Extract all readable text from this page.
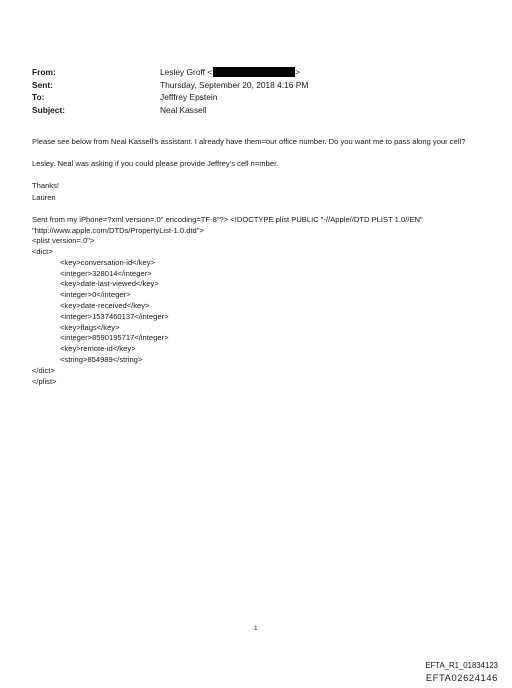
From:	Lesley Groff <	>
Sent:	Thursday, September 20, 2018 4:16 PM
To:	Jefffrey Epstein
Subject:	Neal Kassell

Please see below from Neal Kassell’s assistant. I already have them=our office number. Do you want me to pass along your cell?

Lesley. Neal was asking if you could please provide Jeffrey’s cell n=mber.

Thanks!

Lauren

Sent from my iPhone=?xml version=.0" encoding=TF-8"?> <!DOCTYPE plist PUBLIC "-//Apple//DTD PLIST 1.0//EN" "http://www.apple.com/DTDs/PropertyList-1.0.dtd">

<plist version=.0">
<dict>
<key>conversation-id</key>
<integer>328014</integer>
<key>date-last-viewed</key>
<integer>0</integer>
<key>date-received</key>
<integer>1537460137</integer>
<key>flags</key>
<integer>8590195717</integer>
<key>remote-id</key>
<string>854989</string>
</dict>
</plist>
1
EFTA_R1_01834123
EFTA02624146
